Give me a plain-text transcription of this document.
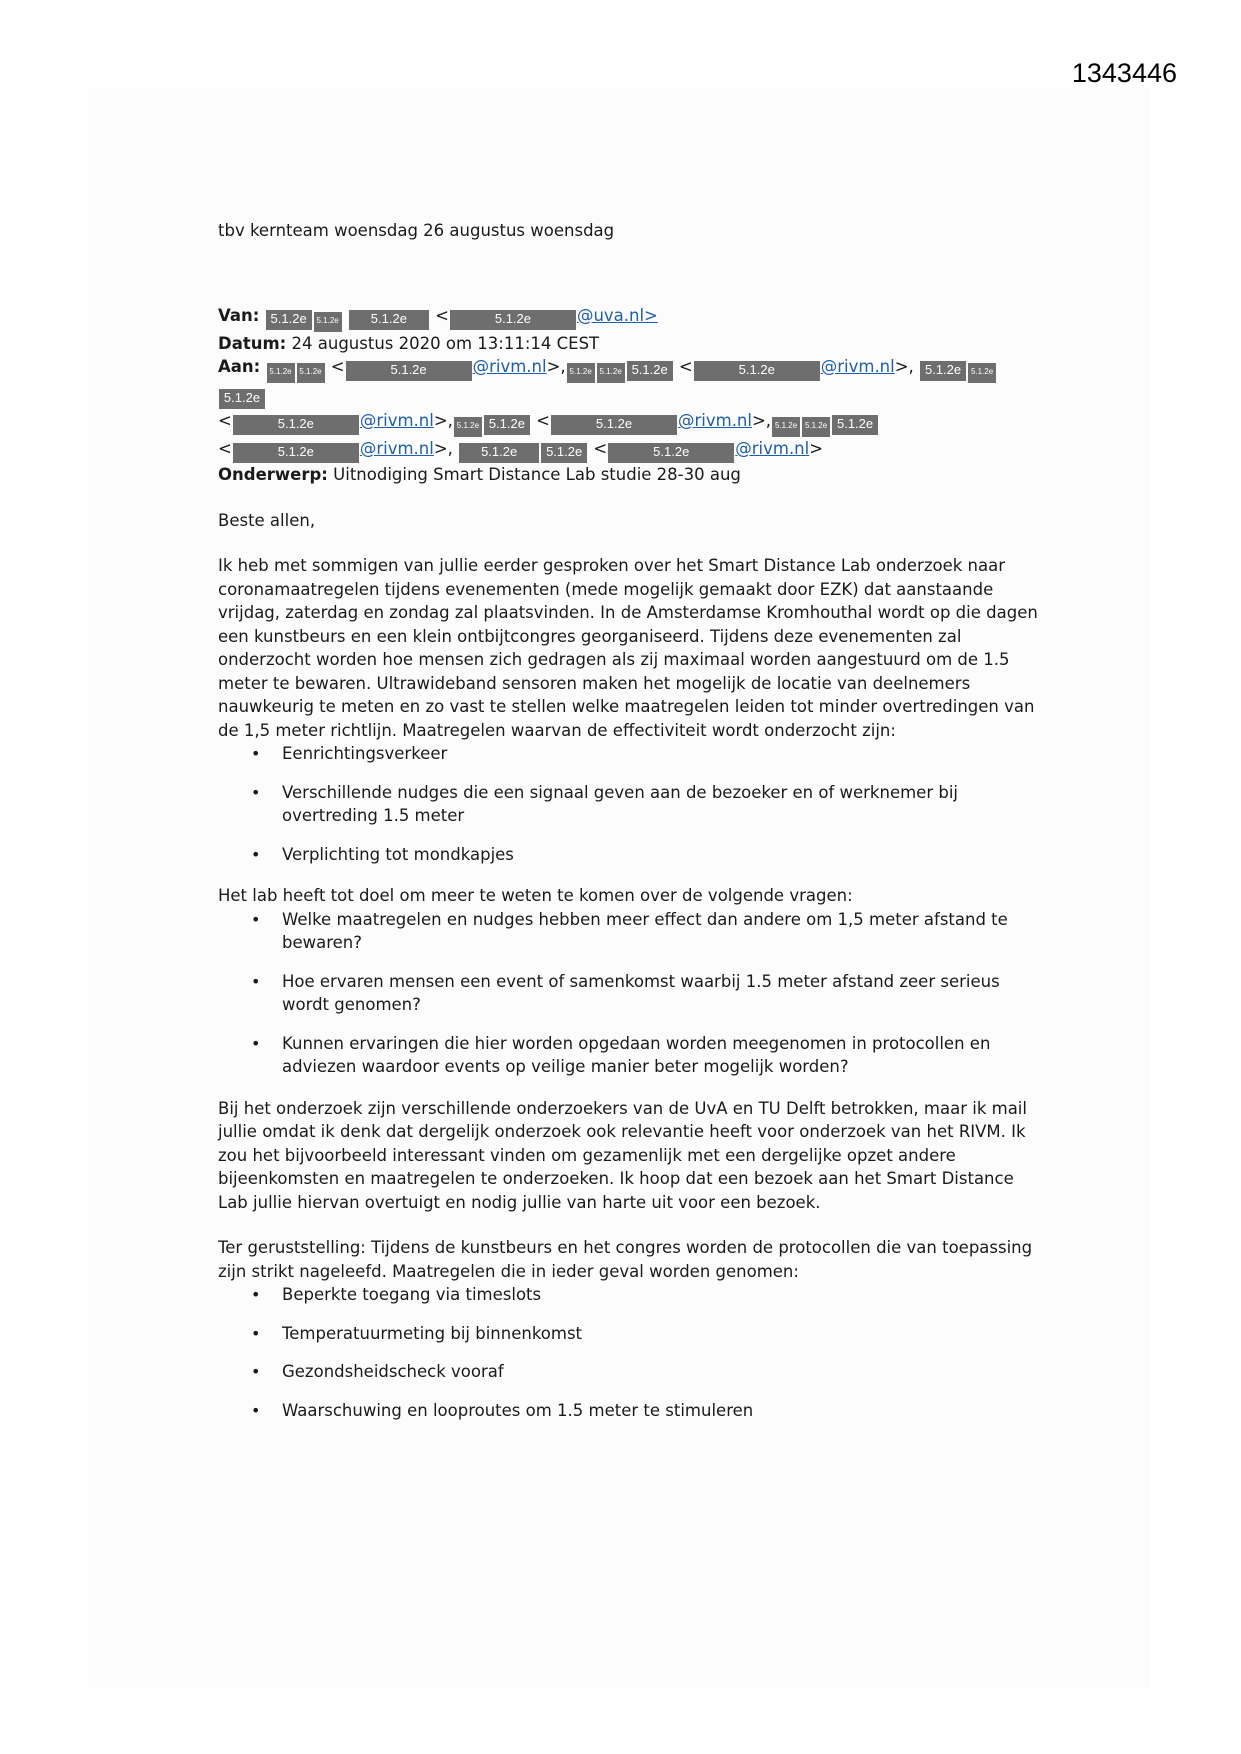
1343446

tbv kernteam woensdag 26 augustus woensdag

Van: 5.1.2e 5.1.2e 5.1.2e <	5.1.2e	@uva.nl>
Datum: 24 augustus 2020 om 13:11:14 CEST
Aan: 5.1.2e 5.1.2e <	5.1.2e	@rivm.nl>, 5.1.2e 5.1.2e 5.1.2e <	5.1.2e	@rivm.nl>, 5.1.2e 5.1.2e5.1.2e
<	5.1.2e	@rivm.nl>, 5.1.2e 5.1.2e <	5.1.2e	@rivm.nl>, 5.1.2e 5.1.2e 5.1.2e
<	5.1.2e	@rivm.nl>, 5.1.2e 5.1.2e <	5.1.2e	@rivm.nl>
Onderwerp: Uitnodiging Smart Distance Lab studie 28-30 aug

Beste allen,

Ik heb met sommigen van jullie eerder gesproken over het Smart Distance Lab onderzoek naar coronamaatregelen tijdens evenementen (mede mogelijk gemaakt door EZK) dat aanstaande vrijdag, zaterdag en zondag zal plaatsvinden. In de Amsterdamse Kromhouthal wordt op die dagen een kunstbeurs en een klein ontbijtcongres georganiseerd. Tijdens deze evenementen zal onderzocht worden hoe mensen zich gedragen als zij maximaal worden aangestuurd om de 1.5 meter te bewaren. Ultrawideband sensoren maken het mogelijk de locatie van deelnemers nauwkeurig te meten en zo vast te stellen welke maatregelen leiden tot minder overtredingen van de 1,5 meter richtlijn. Maatregelen waarvan de effectiviteit wordt onderzocht zijn:

• Eenrichtingsverkeer
• Verschillende nudges die een signaal geven aan de bezoeker en of werknemer bij overtreding 1.5 meter
• Verplichting tot mondkapjes

Het lab heeft tot doel om meer te weten te komen over de volgende vragen:

• Welke maatregelen en nudges hebben meer effect dan andere om 1,5 meter afstand te bewaren?
• Hoe ervaren mensen een event of samenkomst waarbij 1.5 meter afstand zeer serieus wordt genomen?
• Kunnen ervaringen die hier worden opgedaan worden meegenomen in protocollen en adviezen waardoor events op veilige manier beter mogelijk worden?

Bij het onderzoek zijn verschillende onderzoekers van de UvA en TU Delft betrokken, maar ik mail jullie omdat ik denk dat dergelijk onderzoek ook relevantie heeft voor onderzoek van het RIVM. Ik zou het bijvoorbeeld interessant vinden om gezamenlijk met een dergelijke opzet andere bijeenkomsten en maatregelen te onderzoeken. Ik hoop dat een bezoek aan het Smart Distance Lab jullie hiervan overtuigt en nodig jullie van harte uit voor een bezoek.

Ter geruststelling: Tijdens de kunstbeurs en het congres worden de protocollen die van toepassing zijn strikt nageleefd. Maatregelen die in ieder geval worden genomen:

• Beperkte toegang via timeslots
• Temperatuurmeting bij binnenkomst
• Gezondsheidscheck vooraf
• Waarschuwing en looproutes om 1.5 meter te stimuleren
